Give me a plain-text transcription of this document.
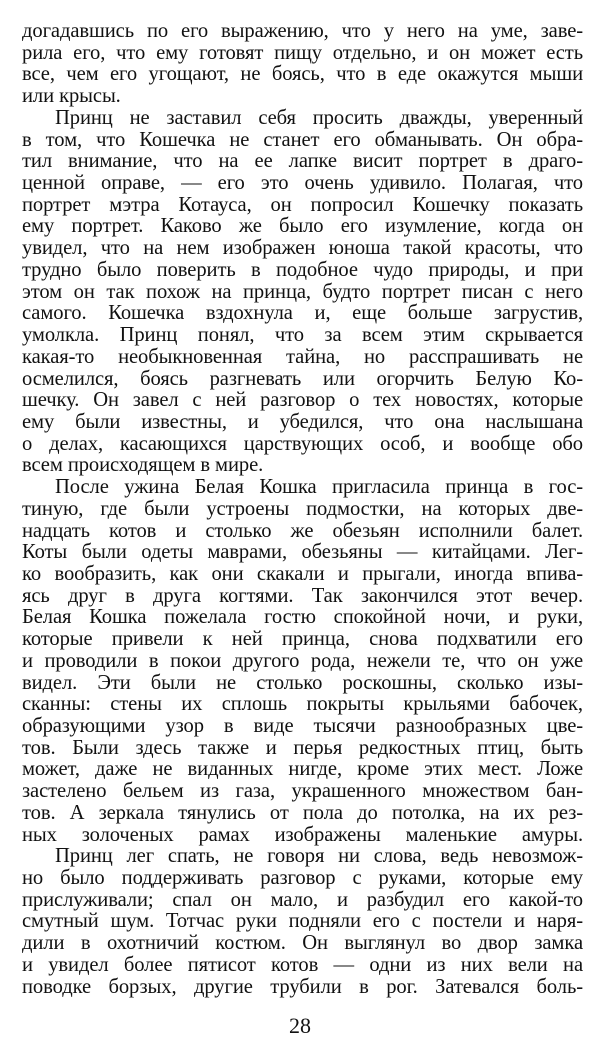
догадавшись по его выражению, что у него на уме, заве-
рила его, что ему готовят пищу отдельно, и он может есть
все, чем его угощают, не боясь, что в еде окажутся мыши
или крысы.
Принц не заставил себя просить дважды, уверенный
в том, что Кошечка не станет его обманывать. Он обра-
тил внимание, что на ее лапке висит портрет в драго-
ценной оправе, — его это очень удивило. Полагая, что
портрет мэтра Котауса, он попросил Кошечку показать
ему портрет. Каково же было его изумление, когда он
увидел, что на нем изображен юноша такой красоты, что
трудно было поверить в подобное чудо природы, и при
этом он так похож на принца, будто портрет писан с него
самого. Кошечка вздохнула и, еще больше загрустив,
умолкла. Принц понял, что за всем этим скрывается
какая-то необыкновенная тайна, но расспрашивать не
осмелился, боясь разгневать или огорчить Белую Ко-
шечку. Он завел с ней разговор о тех новостях, которые
ему были известны, и убедился, что она наслышана
о делах, касающихся царствующих особ, и вообще обо
всем происходящем в мире.
После ужина Белая Кошка пригласила принца в гос-
тиную, где были устроены подмостки, на которых две-
надцать котов и столько же обезьян исполнили балет.
Коты были одеты маврами, обезьяны — китайцами. Лег-
ко вообразить, как они скакали и прыгали, иногда впива-
ясь друг в друга когтями. Так закончился этот вечер.
Белая Кошка пожелала гостю спокойной ночи, и руки,
которые привели к ней принца, снова подхватили его
и проводили в покои другого рода, нежели те, что он уже
видел. Эти были не столько роскошны, сколько изы-
сканны: стены их сплошь покрыты крыльями бабочек,
образующими узор в виде тысячи разнообразных цве-
тов. Были здесь также и перья редкостных птиц, быть
может, даже не виданных нигде, кроме этих мест. Ложе
застелено бельем из газа, украшенного множеством бан-
тов. А зеркала тянулись от пола до потолка, на их рез-
ных золоченых рамах изображены маленькие амуры.
Принц лег спать, не говоря ни слова, ведь невозмож-
но было поддерживать разговор с руками, которые ему
прислуживали; спал он мало, и разбудил его какой-то
смутный шум. Тотчас руки подняли его с постели и наря-
дили в охотничий костюм. Он выглянул во двор замка
и увидел более пятисот котов — одни из них вели на
поводке борзых, другие трубили в рог. Затевался боль-
28
